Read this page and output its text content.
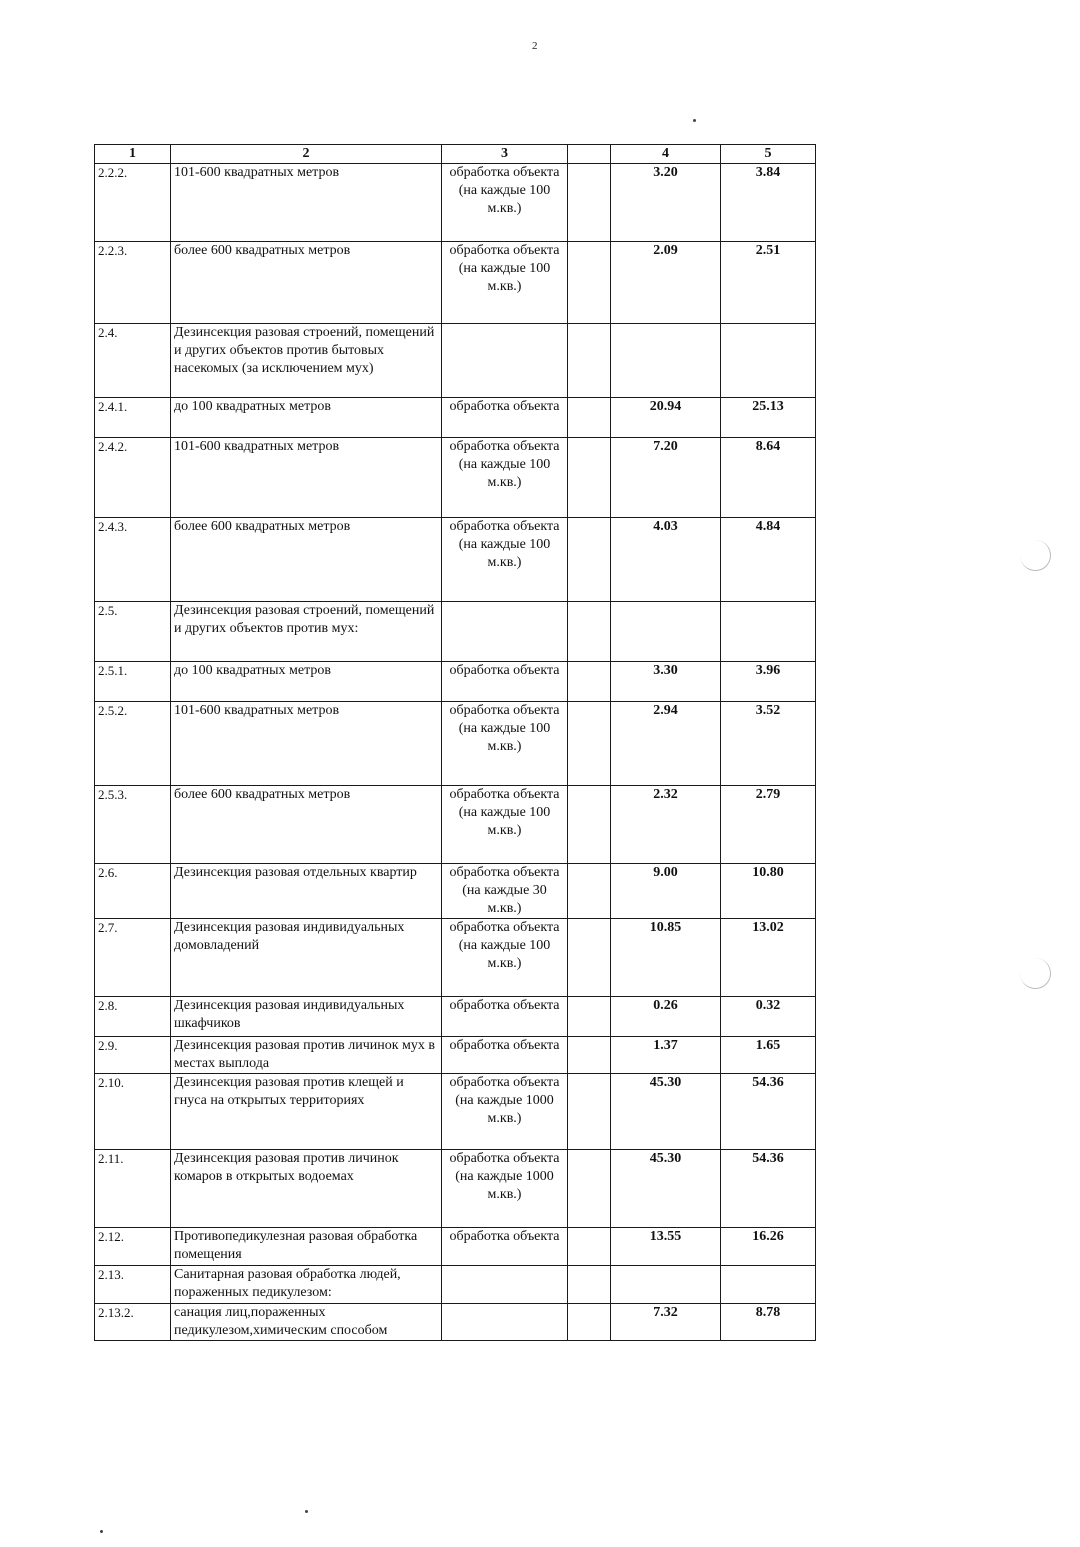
2
1	2	3		4	5
2.2.2.	101-600 квадратных метров	обработка объекта (на каждые 100 м.кв.)		3.20	3.84
2.2.3.	более 600 квадратных метров	обработка объекта (на каждые 100 м.кв.)		2.09	2.51
2.4.	Дезинсекция разовая строений, помещений и других объектов против бытовых насекомых (за исключением мух)				
2.4.1.	до 100 квадратных метров	обработка объекта		20.94	25.13
2.4.2.	101-600 квадратных метров	обработка объекта (на каждые 100 м.кв.)		7.20	8.64
2.4.3.	более 600 квадратных метров	обработка объекта (на каждые 100 м.кв.)		4.03	4.84
2.5.	Дезинсекция разовая строений, помещений и других объектов против мух:				
2.5.1.	до 100 квадратных метров	обработка объекта		3.30	3.96
2.5.2.	101-600 квадратных метров	обработка объекта (на каждые 100 м.кв.)		2.94	3.52
2.5.3.	более 600 квадратных метров	обработка объекта (на каждые 100 м.кв.)		2.32	2.79
2.6.	Дезинсекция разовая отдельных квартир	обработка объекта (на каждые 30 м.кв.)		9.00	10.80
2.7.	Дезинсекция разовая индивидуальных домовладений	обработка объекта (на каждые 100 м.кв.)		10.85	13.02
2.8.	Дезинсекция разовая индивидуальных шкафчиков	обработка объекта		0.26	0.32
2.9.	Дезинсекция разовая против личинок мух в местах выплода	обработка объекта		1.37	1.65
2.10.	Дезинсекция разовая против клещей и гнуса на открытых территориях	обработка объекта (на каждые 1000 м.кв.)		45.30	54.36
2.11.	Дезинсекция разовая против личинок комаров в открытых водоемах	обработка объекта (на каждые 1000 м.кв.)		45.30	54.36
2.12.	Противопедикулезная разовая обработка помещения	обработка объекта		13.55	16.26
2.13.	Санитарная разовая обработка людей, пораженных педикулезом:				
2.13.2.	санация лиц,пораженных педикулезом,химическим способом			7.32	8.78
